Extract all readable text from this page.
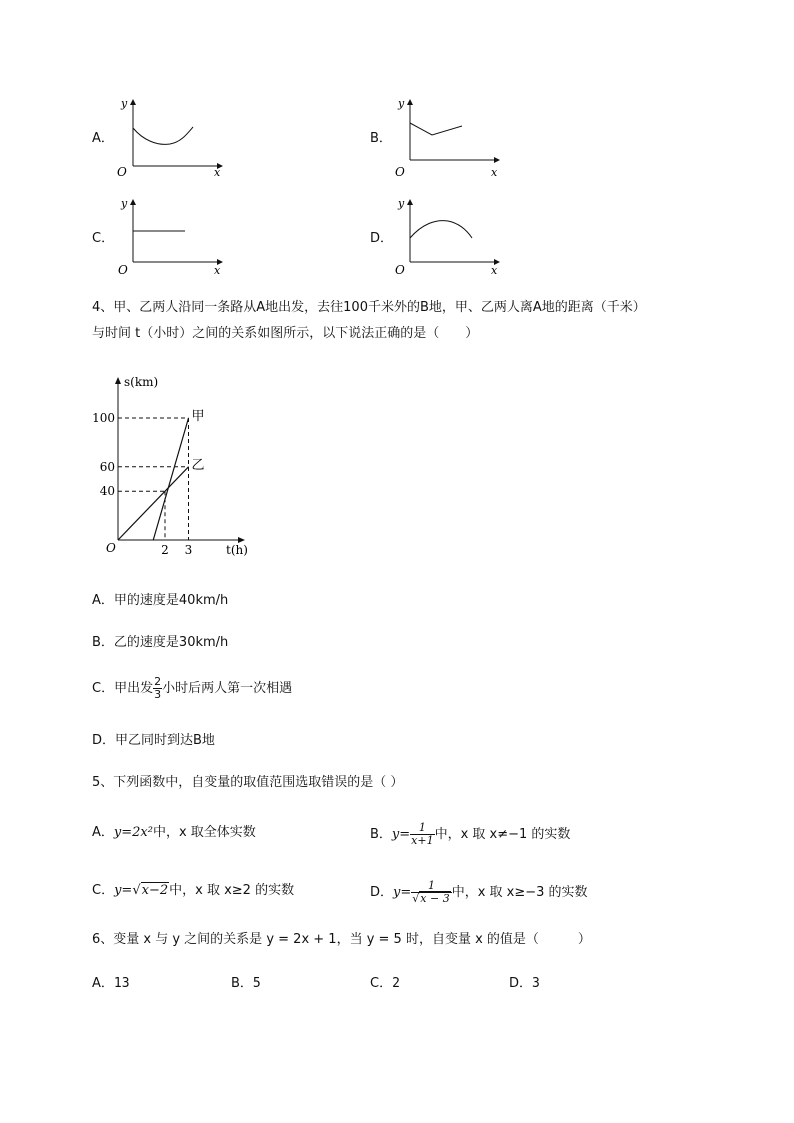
A．
y
O	x
B．
y
O	x
C．
y
O	x
D．
y
O	x
4、甲、乙两人沿同一条路从A地出发，去往100千米外的B地，甲、乙两人离A地的距离（千米）
与时间 t（小时）之间的关系如图所示，以下说法正确的是（　　）
s(km)
t(h)
O
40
60
100
2 3
甲
乙
A．甲的速度是40km/h
B．乙的速度是30km/h
C．甲出发 $\frac{2}{3}$ 小时后两人第一次相遇
D．甲乙同时到达B地
5、下列函数中，自变量的取值范围选取错误的是（ ）
A．y=2x²中，x 取全体实数	B．$y= \frac{1}{x+1}$ 中，x 取 x≠−1 的实数
C．y=√x−2中，x 取 x≥2 的实数	D．$y= \frac{1}{√x - 3}$ 中，x 取 x≥−3 的实数
6、变量 x 与 y 之间的关系是 y = 2x + 1，当 y = 5 时，自变量 x 的值是（　　　）
A．13	B．5	C．2	D．3
